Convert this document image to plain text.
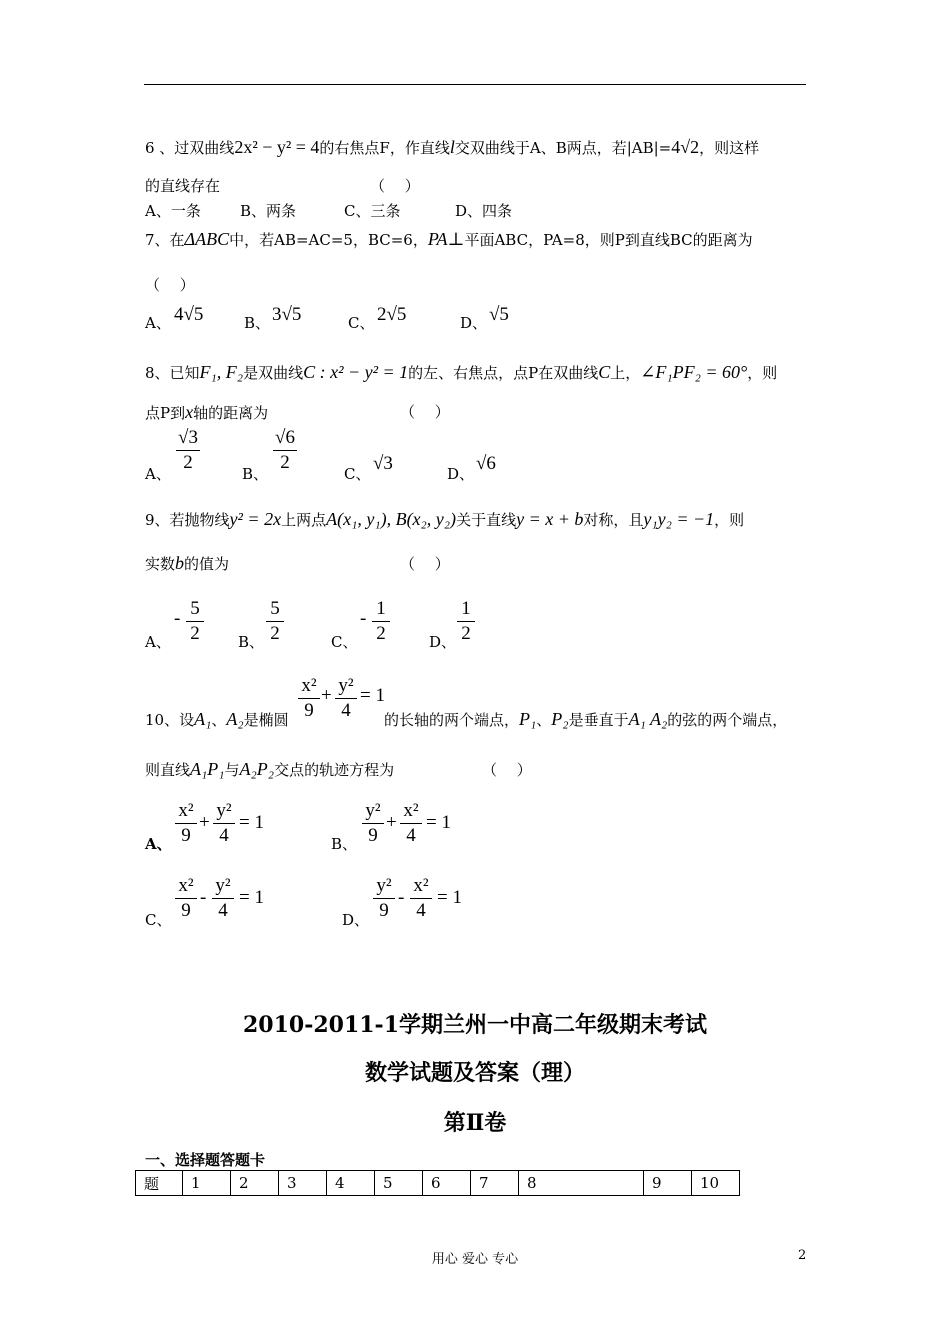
6 、过双曲线2x² − y² = 4的右焦点F，作直线l交双曲线于A、B两点，若|AB|=4√2，则这样
的直线存在	（　 ）
A、一条	B、两条	C、三条	D、四条
7、在ΔABC中，若AB=AC=5，BC=6，PA⊥平面ABC，PA=8，则P到直线BC的距离为
（　 ）
A、 4√5	B、 3√5	C、 2√5	D、 √5
8、已知F₁, F₂是双曲线C : x² − y² = 1的左、右焦点，点P在双曲线C上，∠F₁PF₂ = 60°，则
点P到x轴的距离为	（　 ）
A、
√3
2
B、
√6
2
C、 √3	D、 √6
9、若抛物线y² = 2x上两点A(x₁, y₁), B(x₂, y₂)关于直线y = x + b对称，且y₁y₂ = −1，则
实数b的值为	（　 ）
A、
- 5
2	B、
5
2	C、
- 1
2	D、
1
2
10、设A₁、A₂是椭圆
x²
9
+ y²
4
= 1
的长轴的两个端点，P₁、P₂是垂直于A₁ A₂的弦的两个端点，
则直线A₁P₁与A₂P₂交点的轨迹方程为	（　 ）
A、
x²
9
+
y²
4
= 1
B、
y²
9
+
x²
4
= 1
C、
x²
9
-
y²
4
= 1
D、
y²
9
-
x²
4
= 1
2010-2011-1学期兰州一中高二年级期末考试
数学试题及答案（理）
第Ⅱ卷
一、选择题答题卡
题	1	2	3	4	5	6	7	8	9	10
用心 爱心 专心	2
